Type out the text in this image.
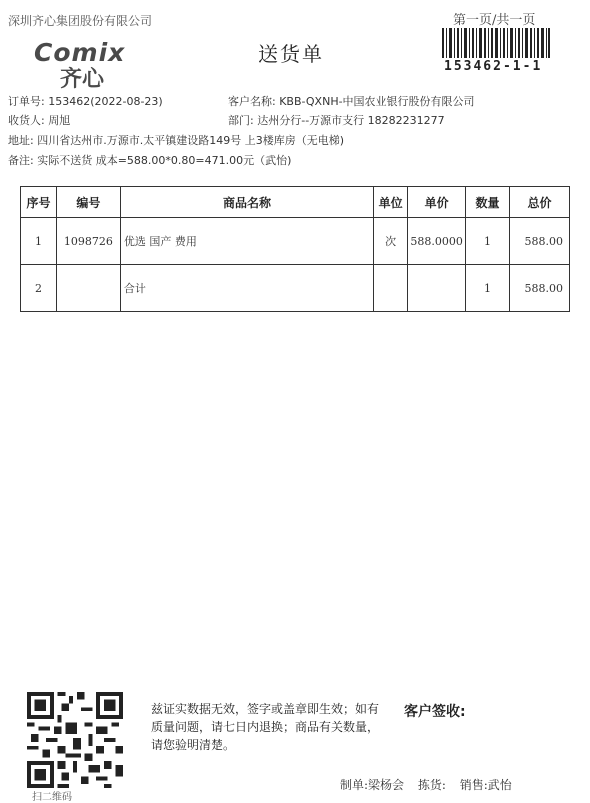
深圳齐心集团股份有限公司	第一页/共一页
Comix
齐心
送货单
153462-1-1
订单号: 153462(2022-08-23)	客户名称: KBB-QXNH-中国农业银行股份有限公司
收货人: 周旭	部门: 达州分行--万源市支行 18282231277
地址: 四川省达州市.万源市.太平镇建设路149号 上3楼库房（无电梯)
备注: 实际不送货 成本=588.00*0.80=471.00元（武怡)
序号	编号	商品名称	单位	单价	数量	总价
1	1098726	优选 国产 费用	次	588.0000	1	588.00
2		合计			1	588.00
扫二维码
兹证实数据无效，签字或盖章即生效；如有质量问题，请七日内退换；商品有关数量，请您验明清楚。
客户签收:
制单:梁杨会 拣货: 销售:武怡
